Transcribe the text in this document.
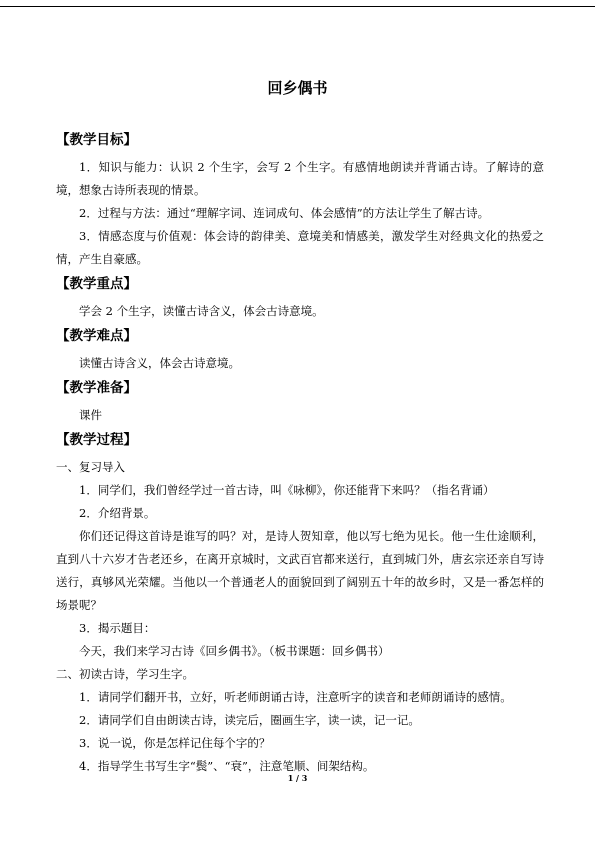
回乡偶书
【教学目标】

1．知识与能力：认识 2 个生字，会写 2 个生字。有感情地朗读并背诵古诗。了解诗的意境，想象古诗所表现的情景。

2．过程与方法：通过“理解字词、连词成句、体会感情”的方法让学生了解古诗。

3．情感态度与价值观：体会诗的韵律美、意境美和情感美，激发学生对经典文化的热爱之情，产生自豪感。

【教学重点】

学会 2 个生字，读懂古诗含义，体会古诗意境。

【教学难点】

读懂古诗含义，体会古诗意境。

【教学准备】

课件

【教学过程】

一、复习导入

1．同学们，我们曾经学过一首古诗，叫《咏柳》，你还能背下来吗？（指名背诵）

2．介绍背景。

你们还记得这首诗是谁写的吗？对，是诗人贺知章，他以写七绝为见长。他一生仕途顺利，直到八十六岁才告老还乡，在离开京城时，文武百官都来送行，直到城门外，唐玄宗还亲自写诗送行，真够风光荣耀。当他以一个普通老人的面貌回到了阔别五十年的故乡时，又是一番怎样的场景呢？

3．揭示题目：

今天，我们来学习古诗《回乡偶书》。（板书课题：回乡偶书）

二、初读古诗，学习生字。

1．请同学们翻开书，立好，听老师朗诵古诗，注意听字的读音和老师朗诵诗的感情。

2．请同学们自由朗读古诗，读完后，圈画生字，读一读，记一记。

3．说一说，你是怎样记住每个字的？

4．指导学生书写生字“鬓”、“衰”，注意笔顺、间架结构。

1 / 3
